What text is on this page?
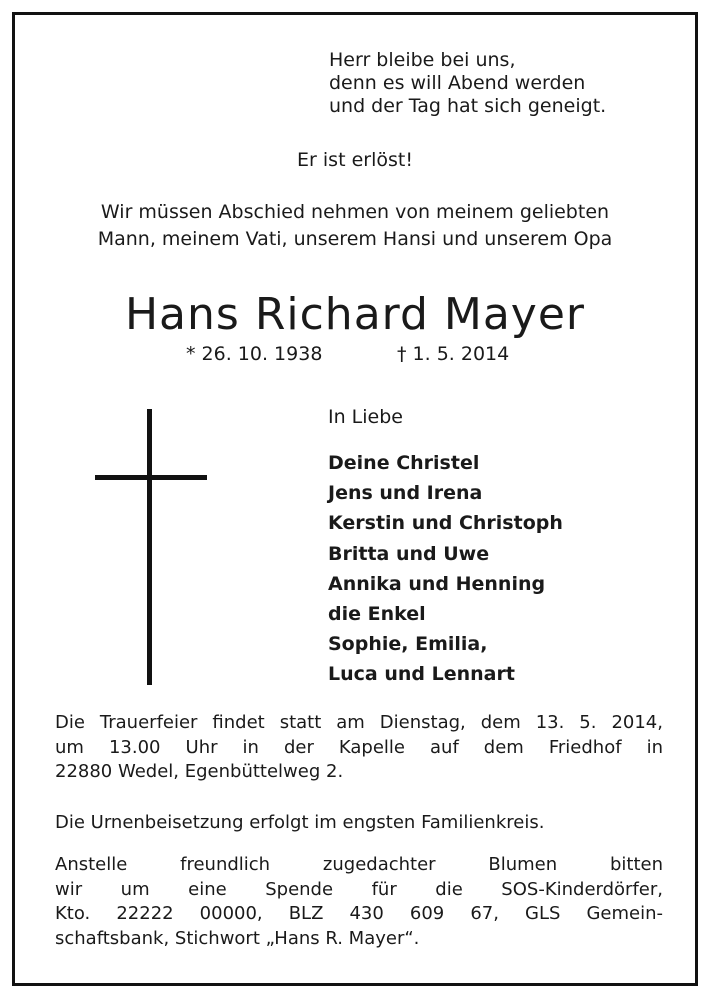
Herr bleibe bei uns,
denn es will Abend werden
und der Tag hat sich geneigt.
Er ist erlöst!
Wir müssen Abschied nehmen von meinem geliebten
Mann, meinem Vati, unserem Hansi und unserem Opa
Hans Richard Mayer
* 26. 10. 1938	† 1. 5. 2014
In Liebe
Deine Christel
Jens und Irena
Kerstin und Christoph
Britta und Uwe
Annika und Henning
die Enkel
Sophie, Emilia,
Luca und Lennart
Die Trauerfeier findet statt am Dienstag, dem 13. 5. 2014,
um 13.00 Uhr in der Kapelle auf dem Friedhof in
22880 Wedel, Egenbüttelweg 2.
Die Urnenbeisetzung erfolgt im engsten Familienkreis.
Anstelle freundlich zugedachter Blumen bitten
wir um eine Spende für die SOS-Kinderdörfer,
Kto. 22222 00000, BLZ 430 609 67, GLS Gemein-
schaftsbank, Stichwort „Hans R. Mayer“.
